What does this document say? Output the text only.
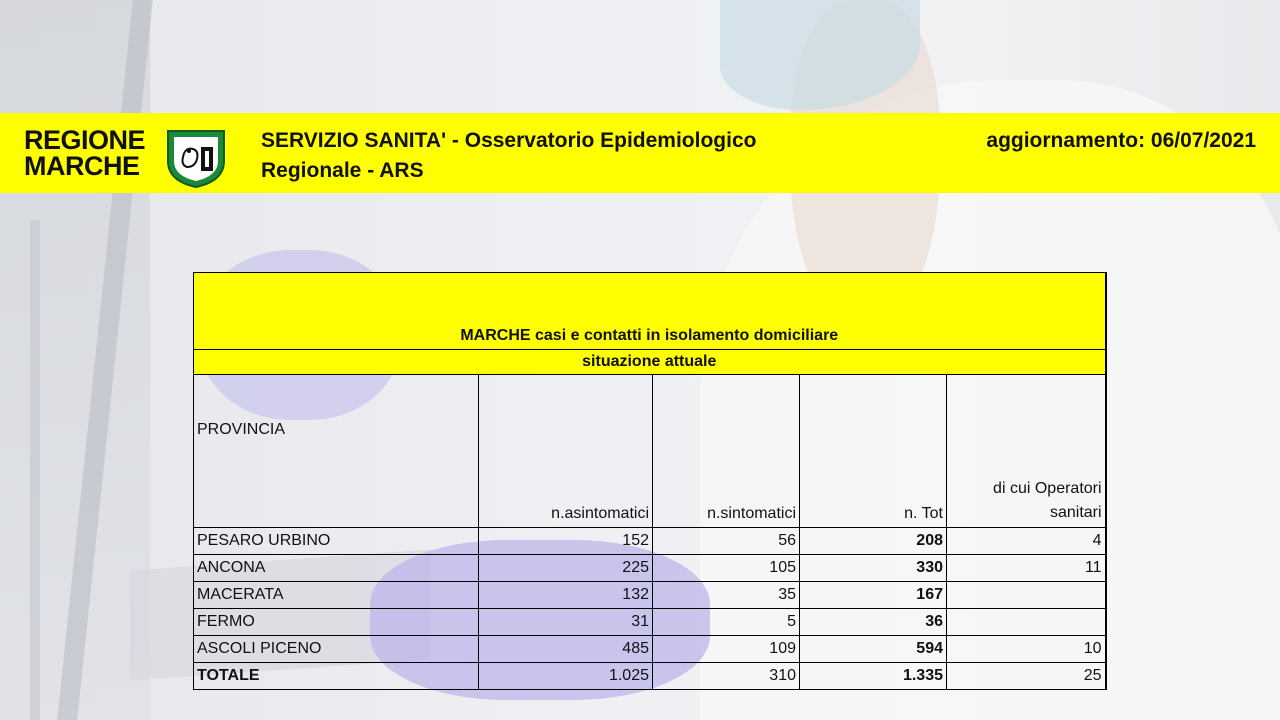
REGIONE
MARCHE
SERVIZIO SANITA' - Osservatorio Epidemiologico
Regionale - ARS
aggiornamento: 06/07/2021
MARCHE casi e contatti in isolamento domiciliare				
situazione attuale				
PROVINCIA	n.asintomatici	n.sintomatici	n. Tot	di cui Operatori sanitari
PESARO URBINO	152	56	208	4
ANCONA	225	105	330	11
MACERATA	132	35	167	
FERMO	31	5	36	
ASCOLI PICENO	485	109	594	10
TOTALE	1.025	310	1.335	25
